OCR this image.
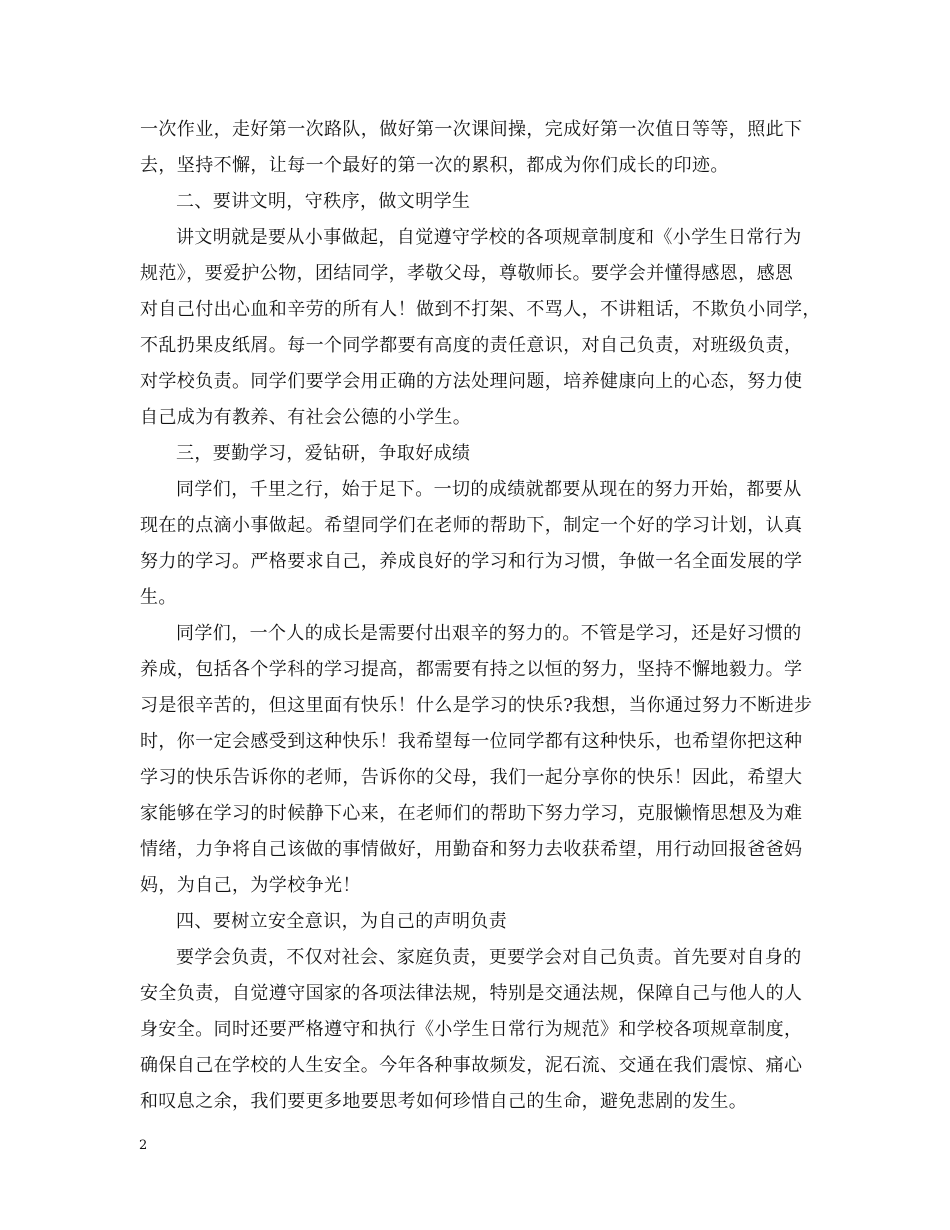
一次作业，走好第一次路队，做好第一次课间操，完成好第一次值日等等，照此下
去，坚持不懈，让每一个最好的第一次的累积，都成为你们成长的印迹。
二、要讲文明，守秩序，做文明学生
讲文明就是要从小事做起，自觉遵守学校的各项规章制度和《小学生日常行为
规范》，要爱护公物，团结同学，孝敬父母，尊敬师长。要学会并懂得感恩，感恩
对自己付出心血和辛劳的所有人！做到不打架、不骂人，不讲粗话，不欺负小同学，
不乱扔果皮纸屑。每一个同学都要有高度的责任意识，对自己负责，对班级负责，
对学校负责。同学们要学会用正确的方法处理问题，培养健康向上的心态，努力使
自己成为有教养、有社会公德的小学生。
三，要勤学习，爱钻研，争取好成绩
同学们，千里之行，始于足下。一切的成绩就都要从现在的努力开始，都要从
现在的点滴小事做起。希望同学们在老师的帮助下，制定一个好的学习计划，认真
努力的学习。严格要求自己，养成良好的学习和行为习惯，争做一名全面发展的学
生。
同学们，一个人的成长是需要付出艰辛的努力的。不管是学习，还是好习惯的
养成，包括各个学科的学习提高，都需要有持之以恒的努力，坚持不懈地毅力。学
习是很辛苦的，但这里面有快乐！什么是学习的快乐?我想，当你通过努力不断进步
时，你一定会感受到这种快乐！我希望每一位同学都有这种快乐，也希望你把这种
学习的快乐告诉你的老师，告诉你的父母，我们一起分享你的快乐！因此，希望大
家能够在学习的时候静下心来，在老师们的帮助下努力学习，克服懒惰思想及为难
情绪，力争将自己该做的事情做好，用勤奋和努力去收获希望，用行动回报爸爸妈
妈，为自己，为学校争光！
四、要树立安全意识，为自己的声明负责
要学会负责，不仅对社会、家庭负责，更要学会对自己负责。首先要对自身的
安全负责，自觉遵守国家的各项法律法规，特别是交通法规，保障自己与他人的人
身安全。同时还要严格遵守和执行《小学生日常行为规范》和学校各项规章制度，
确保自己在学校的人生安全。今年各种事故频发，泥石流、交通在我们震惊、痛心
和叹息之余，我们要更多地要思考如何珍惜自己的生命，避免悲剧的发生。
2
